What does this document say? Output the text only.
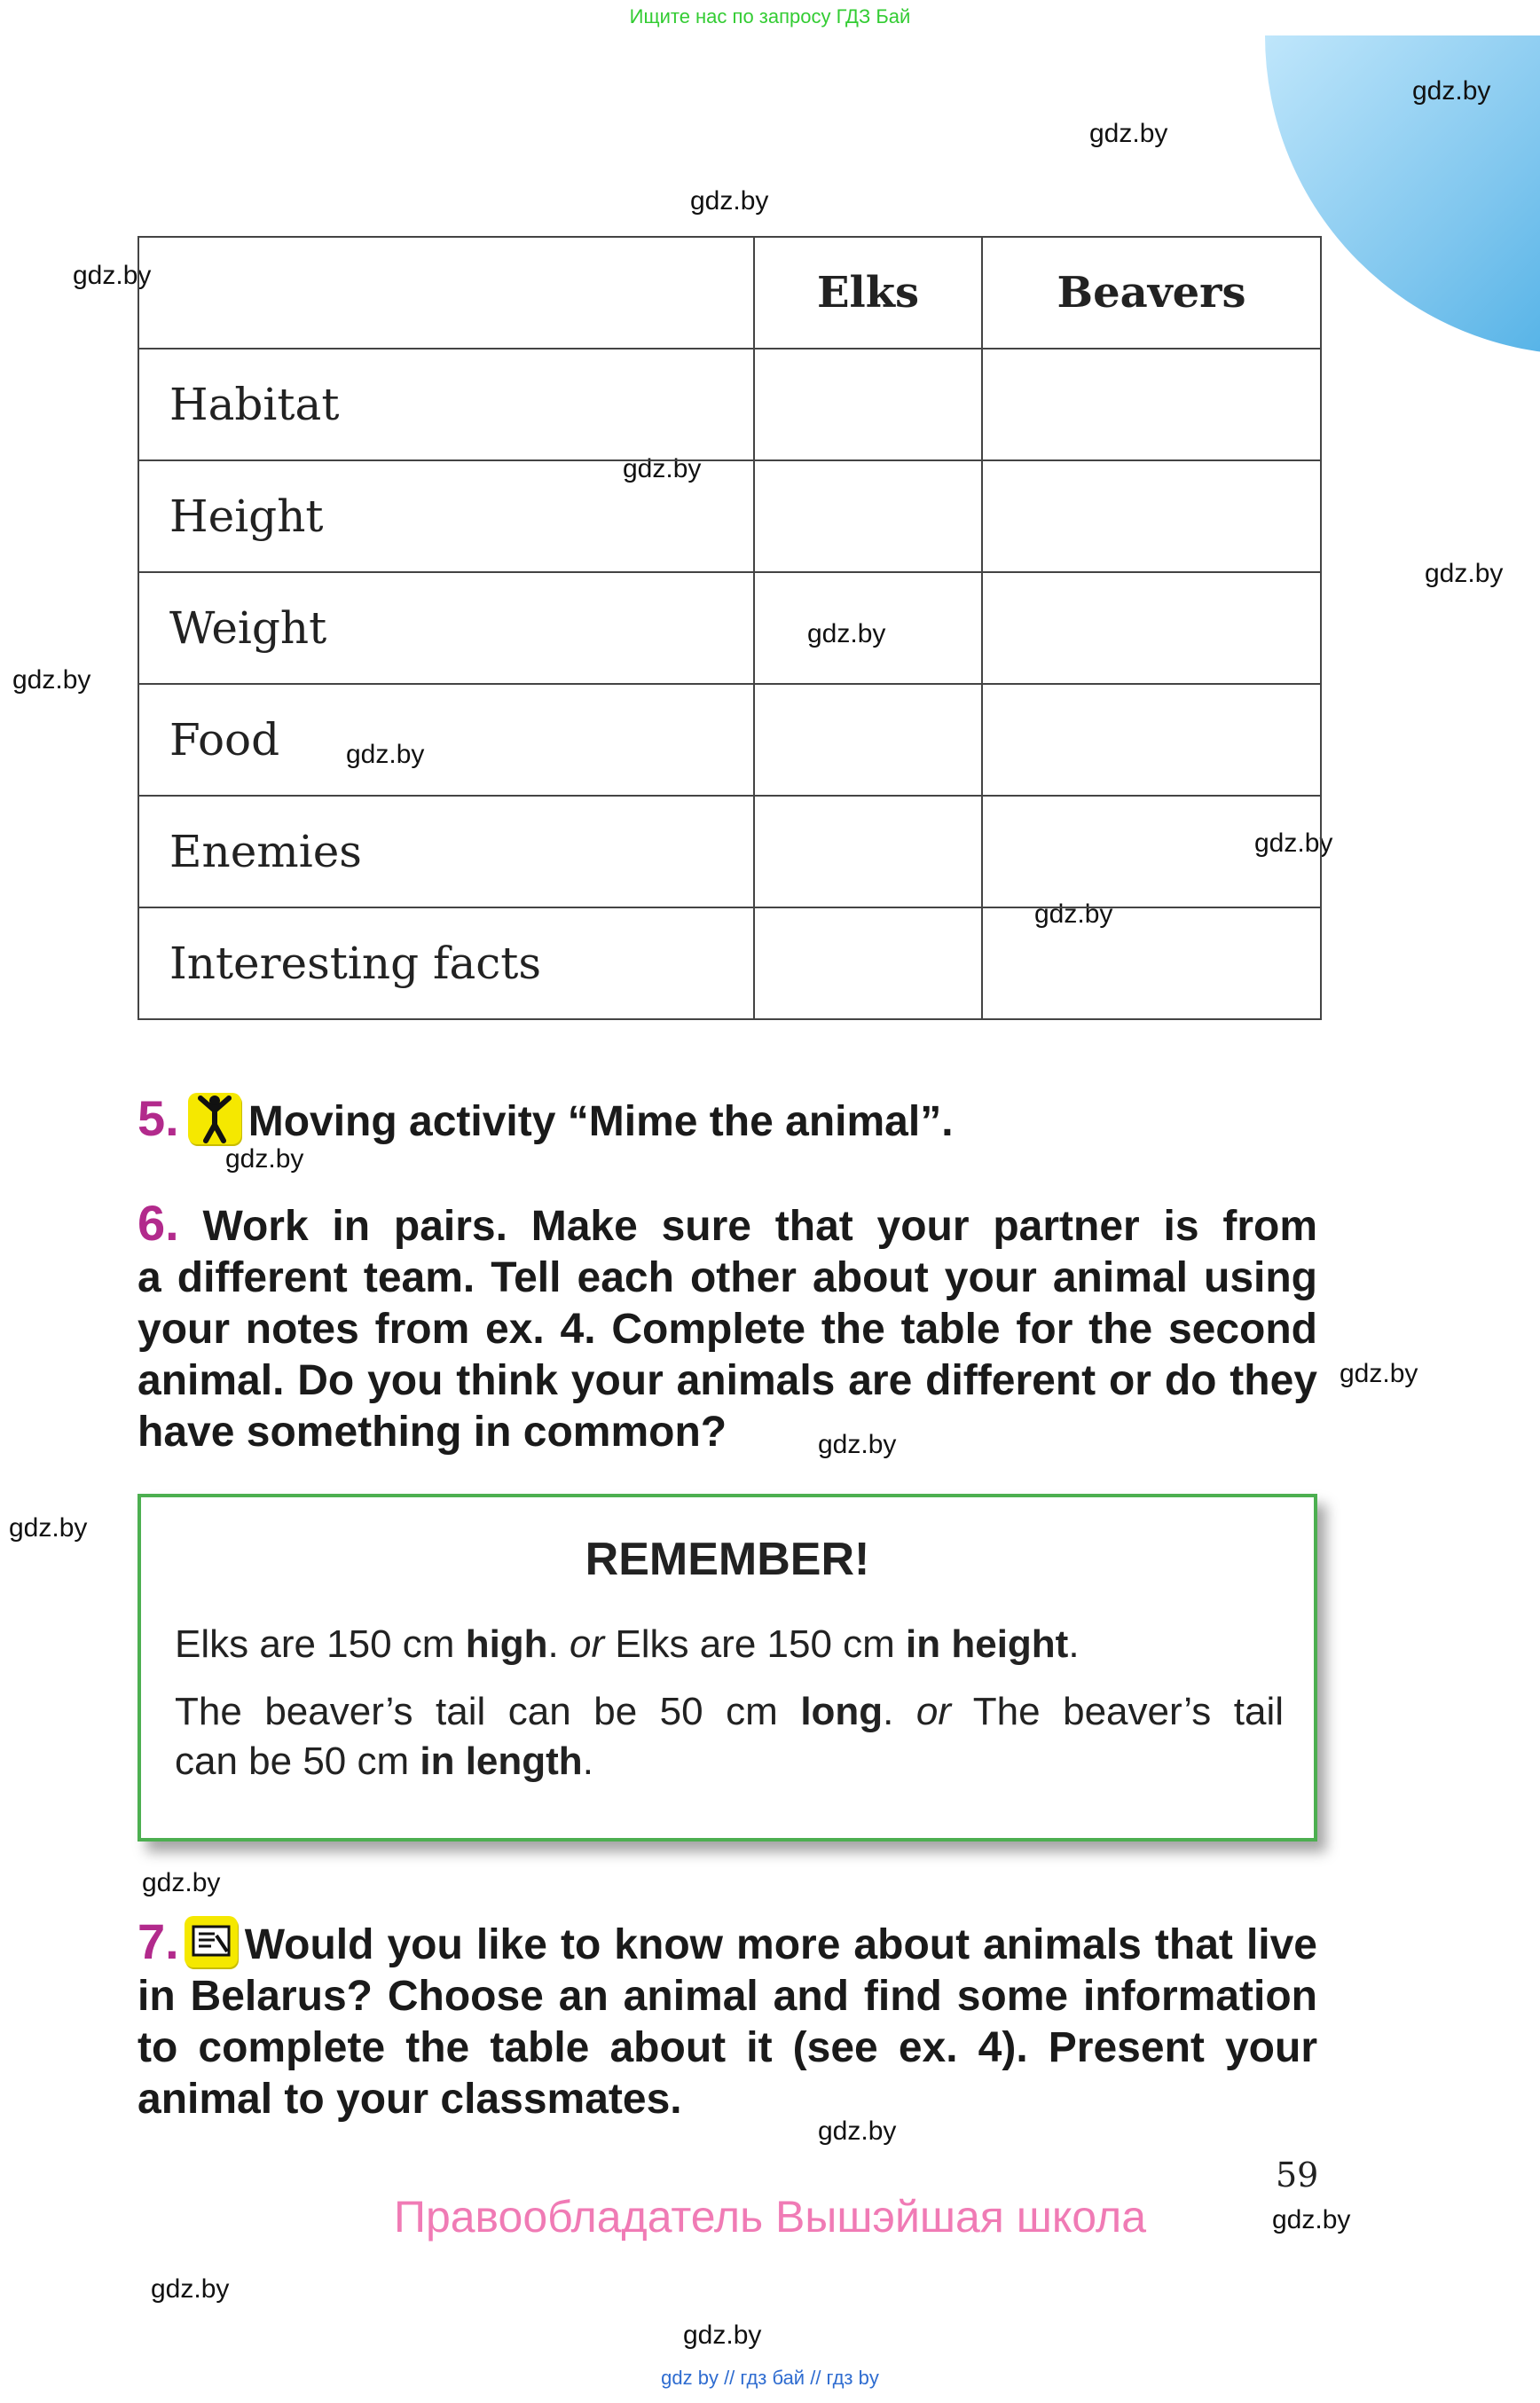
Ищите нас по запросу ГДЗ Бай
gdz.by
gdz.by
gdz.by
gdz.by
gdz.by
gdz.by
gdz.by
gdz.by
gdz.by
gdz.by
gdz.by
gdz.by
gdz.by
gdz.by
gdz.by
gdz.by
gdz.by
gdz.by
gdz.by
gdz.by
	Elks	Beavers
Habitat		
Height		
Weight		
Food		
Enemies		
Interesting facts		
5. Moving activity “Mime the animal”.
6. Work in pairs. Make sure that your partner is from
a different team. Tell each other about your animal using
your notes from ex. 4. Complete the table for the second
animal. Do you think your animals are different or do they
have something in common?
REMEMBER!
Elks are 150 cm high. or Elks are 150 cm in height.
The beaver’s tail can be 50 cm long. or The beaver’s tail
can be 50 cm in length.
7. Would you like to know more about animals that live
in Belarus? Choose an animal and find some information
to complete the table about it (see ex. 4). Present your
animal to your classmates.
59
Правообладатель Вышэйшая школа
gdz by // гдз бай // гдз by
